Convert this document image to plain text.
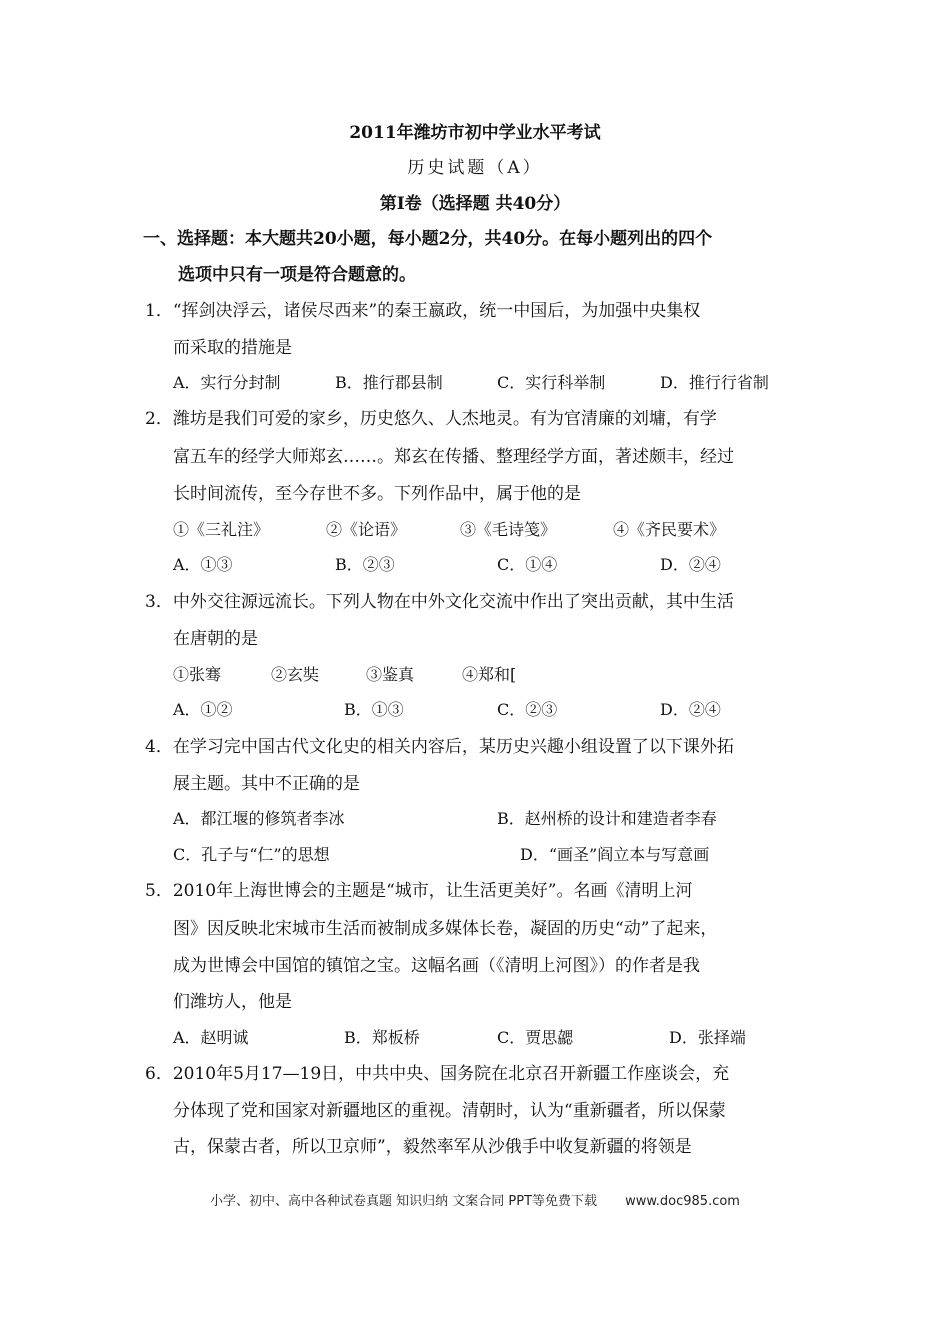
2011年潍坊市初中学业水平考试
历史试题（A）
第Ⅰ卷（选择题 共40分）
一、选择题：本大题共20小题，每小题2分，共40分。在每小题列出的四个
选项中只有一项是符合题意的。
1．“挥剑决浮云，诸侯尽西来”的秦王嬴政，统一中国后，为加强中央集权
而采取的措施是
A．实行分封制	B．推行郡县制	C．实行科举制	D．推行行省制
2．潍坊是我们可爱的家乡，历史悠久、人杰地灵。有为官清廉的刘墉，有学
富五车的经学大师郑玄……。郑玄在传播、整理经学方面，著述颇丰，经过
长时间流传，至今存世不多。下列作品中，属于他的是
①《三礼注》	②《论语》	③《毛诗笺》	④《齐民要术》
A．①③	B．②③	C．①④	D．②④
3．中外交往源远流长。下列人物在中外文化交流中作出了突出贡献，其中生活
在唐朝的是
①张骞	②玄奘	③鉴真	④郑和[
A．①②	B．①③	C．②③	D．②④
4．在学习完中国古代文化史的相关内容后，某历史兴趣小组设置了以下课外拓
展主题。其中不正确的是
A．都江堰的修筑者李冰	B．赵州桥的设计和建造者李春
C．孔子与“仁”的思想	D．“画圣”阎立本与写意画
5．2010年上海世博会的主题是“城市，让生活更美好”。名画《清明上河
图》因反映北宋城市生活而被制成多媒体长卷，凝固的历史“动”了起来，
成为世博会中国馆的镇馆之宝。这幅名画（《清明上河图》）的作者是我
们潍坊人，他是
A．赵明诚	B．郑板桥	C．贾思勰	D．张择端
6．2010年5月17—19日，中共中央、国务院在北京召开新疆工作座谈会，充
分体现了党和国家对新疆地区的重视。清朝时，认为“重新疆者，所以保蒙
古，保蒙古者，所以卫京师”，毅然率军从沙俄手中收复新疆的将领是
小学、初中、高中各种试卷真题 知识归纳 文案合同 PPT等免费下载 www.doc985.com
